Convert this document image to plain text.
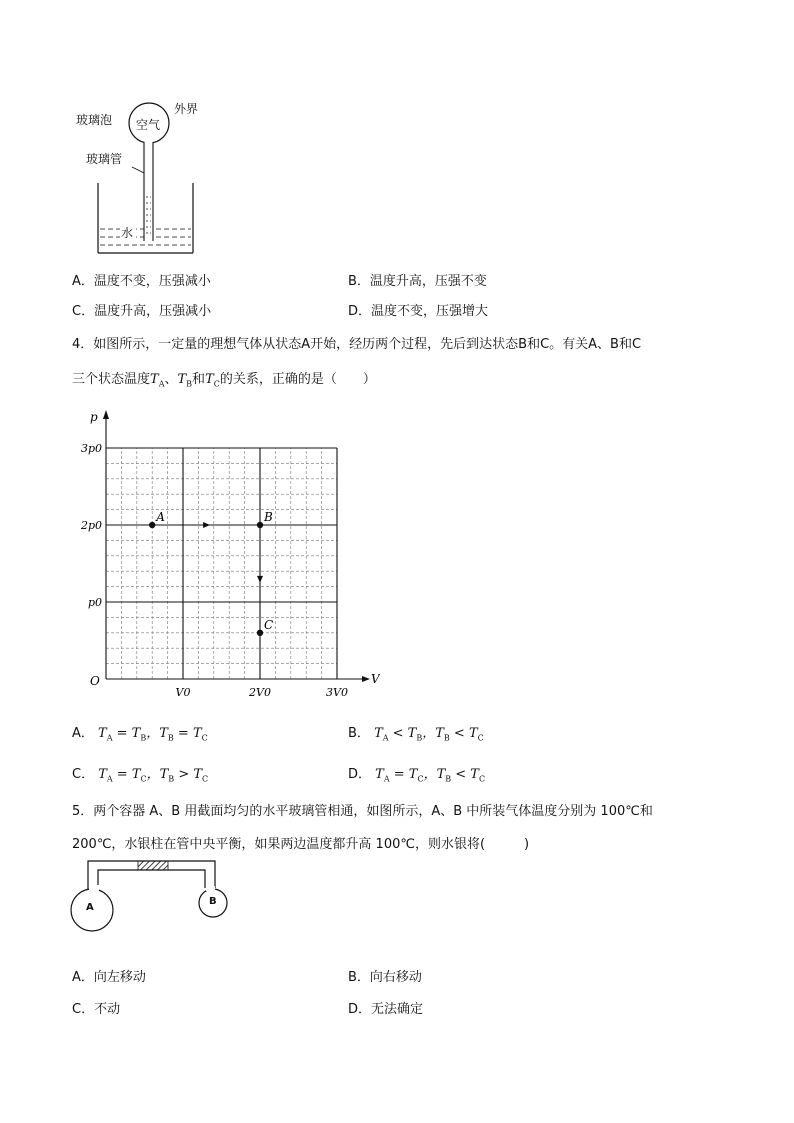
玻璃泡 空气
外界
玻璃管
水
A．温度不变，压强减小	B．温度升高，压强不变
C．温度升高，压强减小	D．温度不变，压强增大
4．如图所示，一定量的理想气体从状态A开始，经历两个过程，先后到达状态B和C。有关A、B和C
三个状态温度$T_A$、$T_B$和$T_C$的关系，正确的是（　　）
p
V
O
V0	2V0	3V0
p0
2p0
3p0
A	B
C
A． $T_A = T_B$，$T_B = T_C$	B． $T_A < T_B$，$T_B < T_C$
C． $T_A = T_C$，$T_B > T_C$	D． $T_A = T_C$，$T_B < T_C$
5．两个容器 A、B 用截面均匀的水平玻璃管相通，如图所示，A、B 中所装气体温度分别为 100℃和
200℃，水银柱在管中央平衡，如果两边温度都升高 100℃，则水银将(　　　)
A
B
A．向左移动	B．向右移动
C．不动	D．无法确定
